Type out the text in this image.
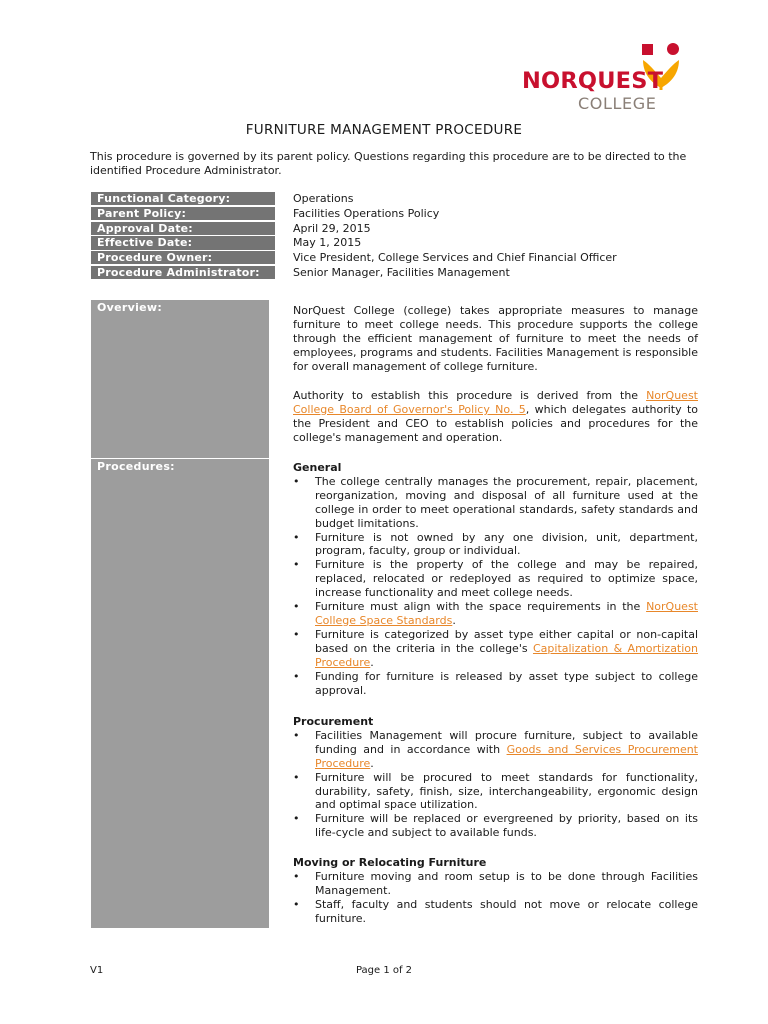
NORQUEST
COLLEGE
FURNITURE MANAGEMENT PROCEDURE
This procedure is governed by its parent policy. Questions regarding this procedure are to be directed to the identified Procedure Administrator.
Functional Category:	Operations
Parent Policy:	Facilities Operations Policy
Approval Date:	April 29, 2015
Effective Date:	May 1, 2015
Procedure Owner:	Vice President, College Services and Chief Financial Officer
Procedure Administrator:	Senior Manager, Facilities Management
Overview:	NorQuest College (college) takes appropriate measures to manage furniture to meet college needs. This procedure supports the college through the efficient management of furniture to meet the needs of employees, programs and students. Facilities Management is responsible for overall management of college furniture.
Authority to establish this procedure is derived from the NorQuest College Board of Governor's Policy No. 5, which delegates authority to the President and CEO to establish policies and procedures for the college's management and operation.
Procedures:	General
• The college centrally manages the procurement, repair, placement, reorganization, moving and disposal of all furniture used at the college in order to meet operational standards, safety standards and budget limitations.
• Furniture is not owned by any one division, unit, department, program, faculty, group or individual.
• Furniture is the property of the college and may be repaired, replaced, relocated or redeployed as required to optimize space, increase functionality and meet college needs.
• Furniture must align with the space requirements in the NorQuest College Space Standards.
• Furniture is categorized by asset type either capital or non-capital based on the criteria in the college's Capitalization & Amortization Procedure.
• Funding for furniture is released by asset type subject to college approval.
Procurement
• Facilities Management will procure furniture, subject to available funding and in accordance with Goods and Services Procurement Procedure.
• Furniture will be procured to meet standards for functionality, durability, safety, finish, size, interchangeability, ergonomic design and optimal space utilization.
• Furniture will be replaced or evergreened by priority, based on its life-cycle and subject to available funds.
Moving or Relocating Furniture
• Furniture moving and room setup is to be done through Facilities Management.
• Staff, faculty and students should not move or relocate college furniture.
V1	Page 1 of 2
